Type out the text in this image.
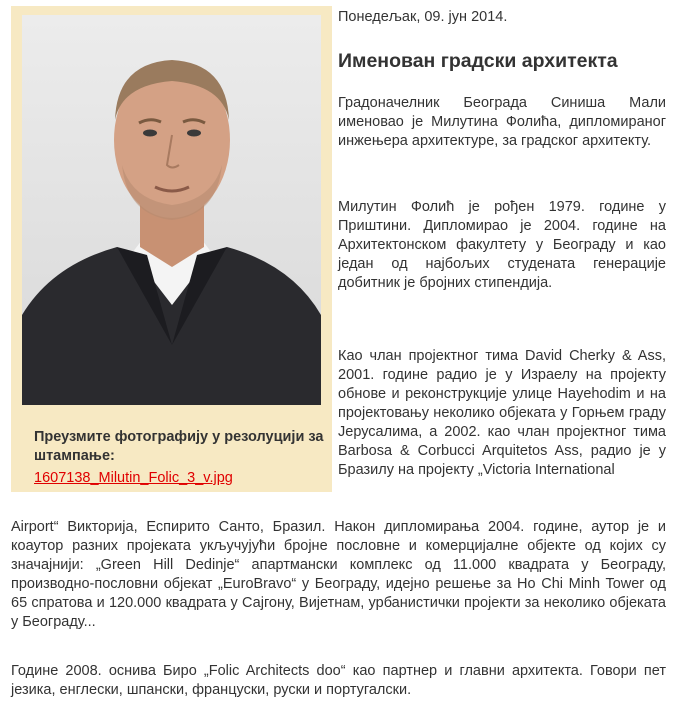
Преузмите фотографију у резолуцији за штампање:
1607138_Milutin_Folic_3_v.jpg
Понедељак, 09. јун 2014.
Именован градски архитекта
Градоначелник Београда Синиша Мали именовао је Милутина Фолића, дипломираног инжењера архитектуре, за градског архитекту.
Милутин Фолић је рођен 1979. године у Приштини. Дипломирао је 2004. године на Архитектонском факултету у Београду и као један од најбољих студената генерације добитник је бројних стипендија.
Као члан пројектног тима David Cherky & Ass, 2001. године радио је у Израелу на пројекту обнове и реконструкције улице Hayehodim и на пројектовању неколико објеката у Горњем граду Јерусалима, а 2002. као члан пројектног тима Barbosa & Corbucci Arquitetos Ass, радио је у Бразилу на пројекту „Victoria International
Airport“ Викторија, Еспирито Санто, Бразил. Након дипломирања 2004. године, аутор је и коаутор разних пројеката укључујући бројне пословне и комерцијалне објекте од којих су значајнији: „Green Hill Dedinje“ апартмански комплекс од 11.000 квадрата у Београду, производно-пословни објекат „EuroBravo“ у Београду, идејно решење за Ho Chi Minh Tower од 65 спратова и 120.000 квадрата у Сајгону, Вијетнам, урбанистички пројекти за неколико објеката у Београду...
Године 2008. оснива Биро „Folic Architects doo“ као партнер и главни архитекта. Говори пет језика, енглески, шпански, француски, руски и португалски.
